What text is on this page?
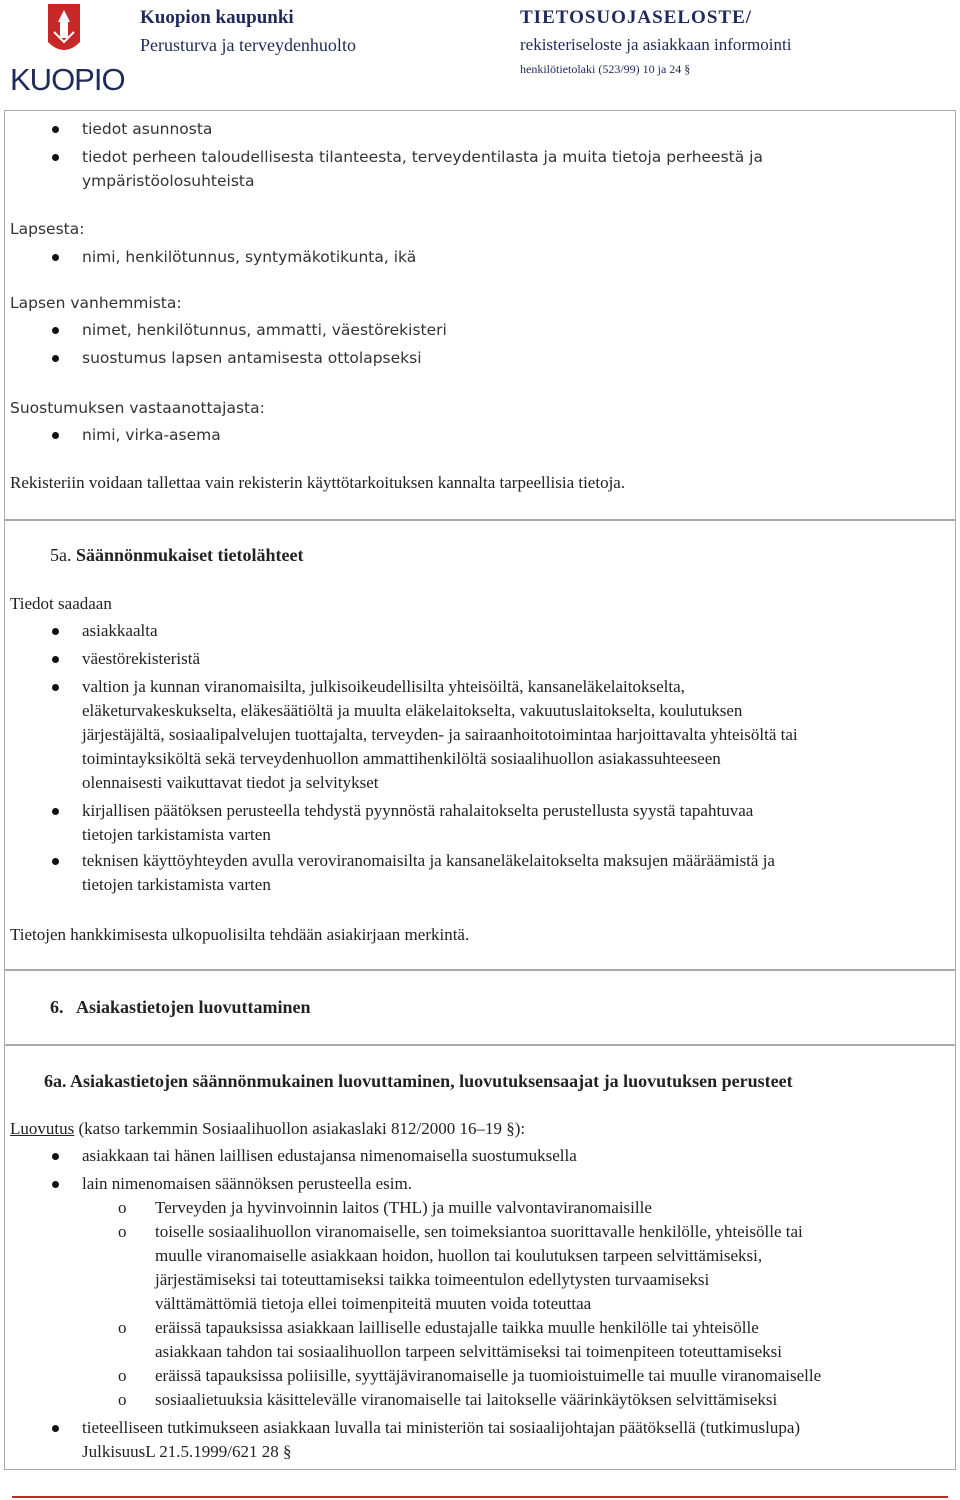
KUOPIO
Kuopion kaupunki
Perusturva ja terveydenhuolto
TIETOSUOJASELOSTE/
rekisteriseloste ja asiakkaan informointi
henkilötietolaki (523/99) 10 ja 24 §
tiedot asunnosta
tiedot perheen taloudellisesta tilanteesta, terveydentilasta ja muita tietoja perheestä ja
ympäristöolosuhteista
Lapsesta:
nimi, henkilötunnus, syntymäkotikunta, ikä
Lapsen vanhemmista:
nimet, henkilötunnus, ammatti, väestörekisteri
suostumus lapsen antamisesta ottolapseksi
Suostumuksen vastaanottajasta:
nimi, virka-asema
Rekisteriin voidaan tallettaa vain rekisterin käyttötarkoituksen kannalta tarpeellisia tietoja.
5a. Säännönmukaiset tietolähteet
Tiedot saadaan
asiakkaalta
väestörekisteristä
valtion ja kunnan viranomaisilta, julkisoikeudellisilta yhteisöiltä, kansaneläkelaitokselta,
eläketurvakeskukselta, eläkesäätiöltä ja muulta eläkelaitokselta, vakuutuslaitokselta, koulutuksen
järjestäjältä, sosiaalipalvelujen tuottajalta, terveyden- ja sairaanhoitotoimintaa harjoittavalta yhteisöltä tai
toimintayksiköltä sekä terveydenhuollon ammattihenkilöltä sosiaalihuollon asiakassuhteeseen
olennaisesti vaikuttavat tiedot ja selvitykset
kirjallisen päätöksen perusteella tehdystä pyynnöstä rahalaitokselta perustellusta syystä tapahtuvaa
tietojen tarkistamista varten
teknisen käyttöyhteyden avulla veroviranomaisilta ja kansaneläkelaitokselta maksujen määräämistä ja
tietojen tarkistamista varten
Tietojen hankkimisesta ulkopuolisilta tehdään asiakirjaan merkintä.
6. Asiakastietojen luovuttaminen
6a. Asiakastietojen säännönmukainen luovuttaminen, luovutuksensaajat ja luovutuksen perusteet
Luovutus (katso tarkemmin Sosiaalihuollon asiakaslaki 812/2000 16–19 §):
asiakkaan tai hänen laillisen edustajansa nimenomaisella suostumuksella
lain nimenomaisen säännöksen perusteella esim.
o Terveyden ja hyvinvoinnin laitos (THL) ja muille valvontaviranomaisille
o toiselle sosiaalihuollon viranomaiselle, sen toimeksiantoa suorittavalle henkilölle, yhteisölle tai
muulle viranomaiselle asiakkaan hoidon, huollon tai koulutuksen tarpeen selvittämiseksi,
järjestämiseksi tai toteuttamiseksi taikka toimeentulon edellytysten turvaamiseksi
välttämättömiä tietoja ellei toimenpiteitä muuten voida toteuttaa
o eräissä tapauksissa asiakkaan lailliselle edustajalle taikka muulle henkilölle tai yhteisölle
asiakkaan tahdon tai sosiaalihuollon tarpeen selvittämiseksi tai toimenpiteen toteuttamiseksi
o eräissä tapauksissa poliisille, syyttäjäviranomaiselle ja tuomioistuimelle tai muulle viranomaiselle
o sosiaalietuuksia käsittelevälle viranomaiselle tai laitokselle väärinkäytöksen selvittämiseksi
tieteelliseen tutkimukseen asiakkaan luvalla tai ministeriön tai sosiaalijohtajan päätöksellä (tutkimuslupa)
JulkisuusL 21.5.1999/621 28 §
